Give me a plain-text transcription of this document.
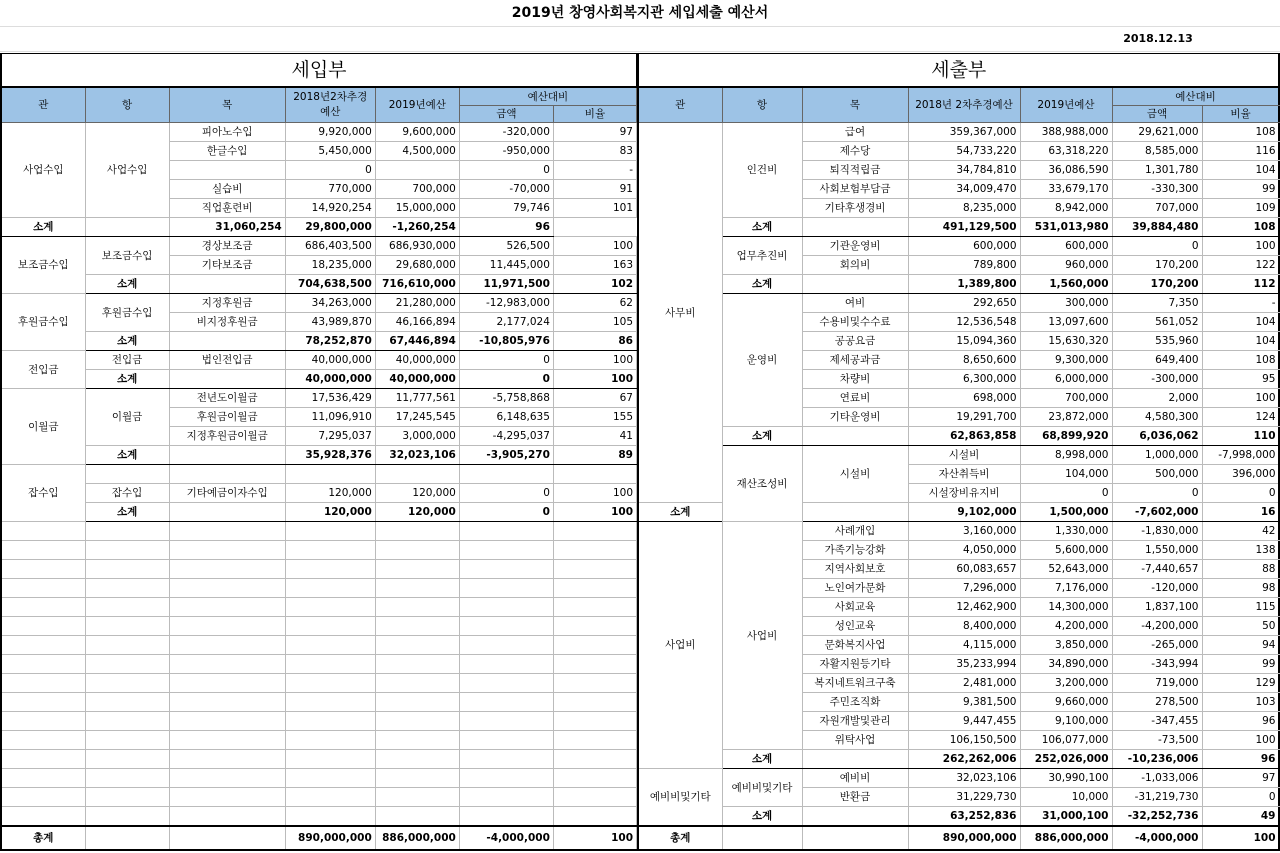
2019년 창영사회복지관 세입세출 예산서
2018.12.13
세입부						
관	항	목	2018년2차추경예산	2019년예산	예산대비	
					금액	비율
사업수입	사업수입	피아노수입	9,920,000	9,600,000	-320,000	97
		한글수입	5,450,000	4,500,000	-950,000	83
			0		0	-
		실습비	770,000	700,000	-70,000	91
		직업훈련비	14,920,254	15,000,000	79,746	101
소계		31,060,254	29,800,000	-1,260,254	96	
보조금수입	보조금수입	경상보조금	686,403,500	686,930,000	526,500	100
		기타보조금	18,235,000	29,680,000	11,445,000	163
	소계		704,638,500	716,610,000	11,971,500	102
후원금수입	후원금수입	지정후원금	34,263,000	21,280,000	-12,983,000	62
		비지정후원금	43,989,870	46,166,894	2,177,024	105
	소계		78,252,870	67,446,894	-10,805,976	86
전입금	전입금	법인전입금	40,000,000	40,000,000	0	100
	소계		40,000,000	40,000,000	0	100
이월금	이월금	전년도이월금	17,536,429	11,777,561	-5,758,868	67
		후원금이월금	11,096,910	17,245,545	6,148,635	155
		지정후원금이월금	7,295,037	3,000,000	-4,295,037	41
	소계		35,928,376	32,023,106	-3,905,270	89
잡수입						
	잡수입	기타예금이자수입	120,000	120,000	0	100
	소계		120,000	120,000	0	100

총계			890,000,000	886,000,000	-4,000,000	100
세출부							
관	항	목	2018년 2차추경예산	2019년예산	예산대비		
					금액	비율	
사무비	인건비	급여	359,367,000	388,988,000	29,621,000	108	
		제수당	54,733,220	63,318,220	8,585,000	116	
		퇴직적립금	34,784,810	36,086,590	1,301,780	104	
		사회보험부담금	34,009,470	33,679,170	-330,300	99	
		기타후생경비	8,235,000	8,942,000	707,000	109	
	소계		491,129,500	531,013,980	39,884,480	108	
	업무추진비	기관운영비	600,000	600,000	0	100	
		회의비	789,800	960,000	170,200	122	
	소계		1,389,800	1,560,000	170,200	112	
	운영비	여비	292,650	300,000	7,350	-	
		수용비및수수료	12,536,548	13,097,600	561,052	104	
		공공요금	15,094,360	15,630,320	535,960	104	
		제세공과금	8,650,600	9,300,000	649,400	108	
		차량비	6,300,000	6,000,000	-300,000	95	
		연료비	698,000	700,000	2,000	100	
		기타운영비	19,291,700	23,872,000	4,580,300	124	
	소계		62,863,858	68,899,920	6,036,062	110	
	재산조성비	시설비	시설비	8,998,000	1,000,000	-7,998,000	
			자산취득비	104,000	500,000	396,000	
			시설장비유지비	0	0	0	
소계			9,102,000	1,500,000	-7,602,000	16	
사업비	사업비	사례개입	3,160,000	1,330,000	-1,830,000	42	
		가족기능강화	4,050,000	5,600,000	1,550,000	138	
		지역사회보호	60,083,657	52,643,000	-7,440,657	88	
		노인여가문화	7,296,000	7,176,000	-120,000	98	
		사회교육	12,462,900	14,300,000	1,837,100	115	
		성인교육	8,400,000	4,200,000	-4,200,000	50	
		문화복지사업	4,115,000	3,850,000	-265,000	94	
		자활지원등기타	35,233,994	34,890,000	-343,994	99	
		복지네트워크구축	2,481,000	3,200,000	719,000	129	
		주민조직화	9,381,500	9,660,000	278,500	103	
		자원개발및관리	9,447,455	9,100,000	-347,455	96	
		위탁사업	106,150,500	106,077,000	-73,500	100	
	소계		262,262,006	252,026,000	-10,236,006	96	
예비비및기타	예비비및기타	예비비	32,023,106	30,990,100	-1,033,006	97	
		반환금	31,229,730	10,000	-31,219,730	0	
	소계		63,252,836	31,000,100	-32,252,736	49	
총계			890,000,000	886,000,000	-4,000,000	100	
